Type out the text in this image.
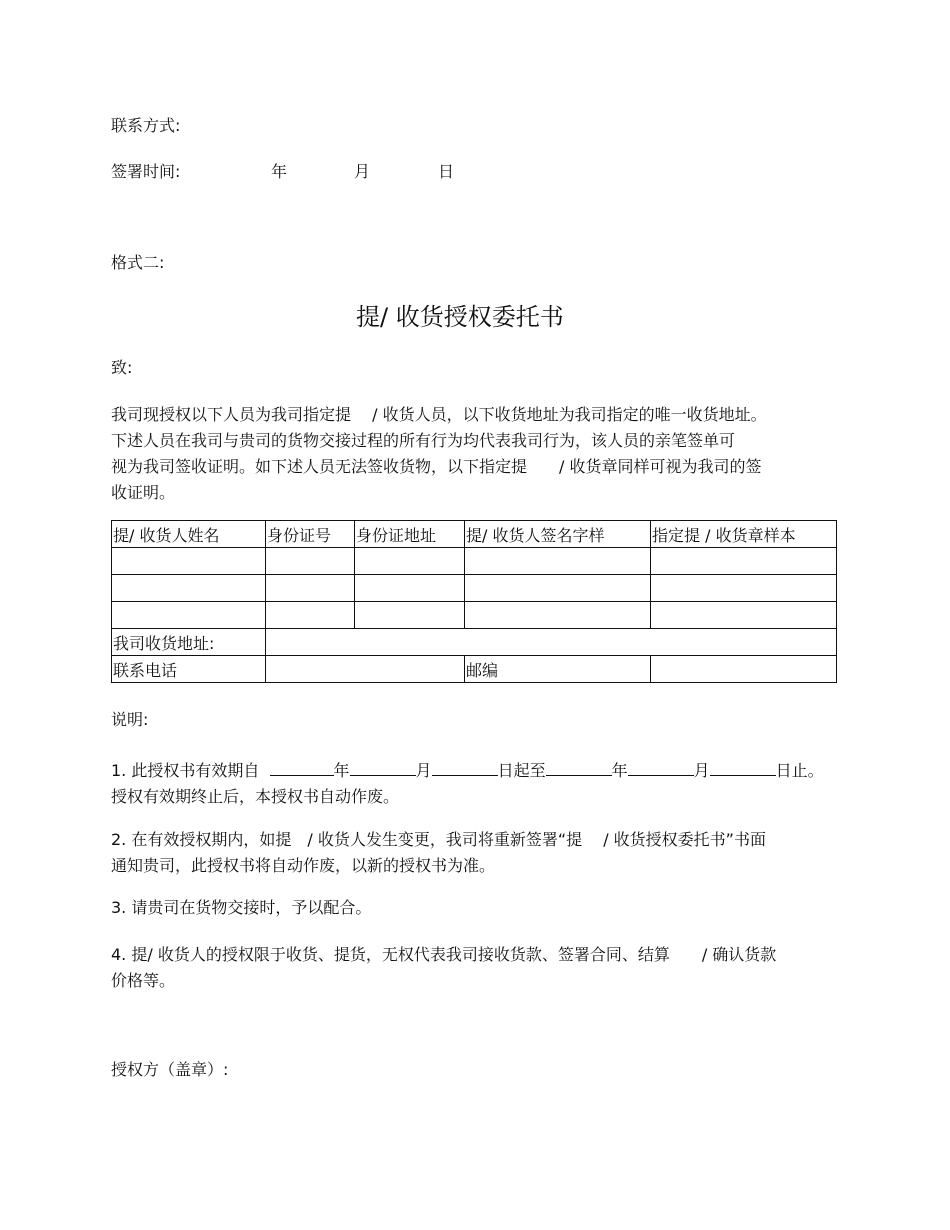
联系方式:
签署时间:	年	月	日
格式二:
提/ 收货授权委托书
致:
我司现授权以下人员为我司指定提　 / 收货人员，以下收货地址为我司指定的唯一收货地址。
下述人员在我司与贵司的货物交接过程的所有行为均代表我司行为，该人员的亲笔签单可
视为我司签收证明。如下述人员无法签收货物，以下指定提　　/ 收货章同样可视为我司的签
收证明。
提/ 收货人姓名	身份证号	身份证地址	提/ 收货人签名字样	指定提 / 收货章样本

我司收货地址:				
联系电话			邮编	
说明:
1. 此授权书有效期自	年	月	日起至	年	月	日止。
授权有效期终止后，本授权书自动作废。
2. 在有效授权期内，如提　/ 收货人发生变更，我司将重新签署“提　 / 收货授权委托书”书面
通知贵司，此授权书将自动作废，以新的授权书为准。
3. 请贵司在货物交接时，予以配合。
4. 提/ 收货人的授权限于收货、提货，无权代表我司接收货款、签署合同、结算　　/ 确认货款
价格等。
授权方（盖章）:
